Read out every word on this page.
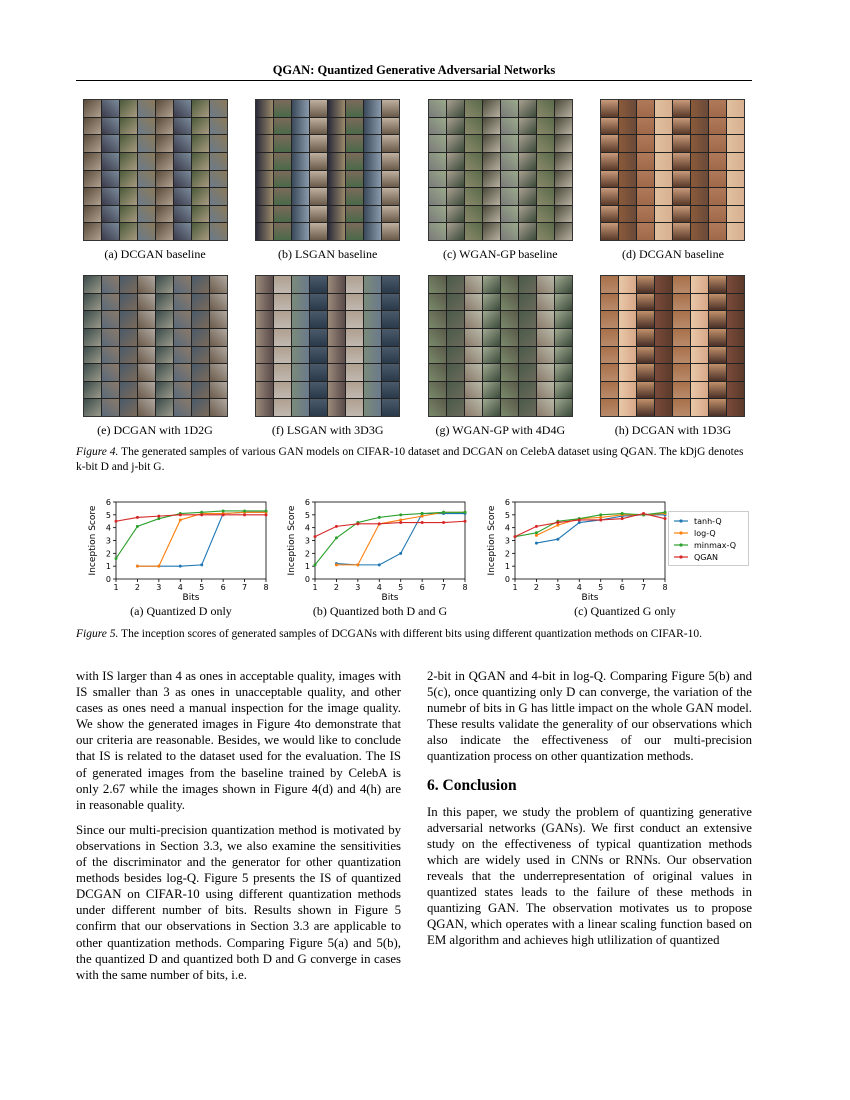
QGAN: Quantized Generative Adversarial Networks
(a) DCGAN baseline	(b) LSGAN baseline	(c) WGAN-GP baseline	(d) DCGAN baseline
(e) DCGAN with 1D2G	(f) LSGAN with 3D3G	(g) WGAN-GP with 4D4G	(h) DCGAN with 1D3G
Figure 4. The generated samples of various GAN models on CIFAR-10 dataset and DCGAN on CelebA dataset using QGAN. The kDjG denotes k-bit D and j-bit G.
0
1
2
3
4
5
6
1 2 3 4 5 6 7 8
Bits
Inception Score
0
1
2
3
4
5
6
1 2 3 4 5 6 7 8
Bits
Inception Score
0
1
2
3
4
5
6
1 2 3 4 5 6 7 8
Bits
Inception Score	tanh-Q
log-Q
minmax-Q
QGAN
(a) Quantized D only	(b) Quantized both D and G	(c) Quantized G only
Figure 5. The inception scores of generated samples of DCGANs with different bits using different quantization methods on CIFAR-10.

with IS larger than 4 as ones in acceptable quality, images with IS smaller than 3 as ones in unacceptable quality, and other cases as ones need a manual inspection for the image quality. We show the generated images in Figure 4to demonstrate that our criteria are reasonable. Besides, we would like to conclude that IS is related to the dataset used for the evaluation. The IS of generated images from the baseline trained by CelebA is only 2.67 while the images shown in Figure 4(d) and 4(h) are in reasonable quality.

Since our multi-precision quantization method is motivated by observations in Section 3.3, we also examine the sensitivities of the discriminator and the generator for other quantization methods besides log-Q. Figure 5 presents the IS of quantized DCGAN on CIFAR-10 using different quantization methods under different number of bits. Results shown in Figure 5 confirm that our observations in Section 3.3 are applicable to other quantization methods. Comparing Figure 5(a) and 5(b), the quantized D and quantized both D and G converge in cases with the same number of bits, i.e.

2-bit in QGAN and 4-bit in log-Q. Comparing Figure 5(b) and 5(c), once quantizing only D can converge, the variation of the numebr of bits in G has little impact on the whole GAN model. These results validate the generality of our observations which also indicate the effectiveness of our multi-precision quantization process on other quantization methods.

6. Conclusion

In this paper, we study the problem of quantizing generative adversarial networks (GANs). We first conduct an extensive study on the effectiveness of typical quantization methods which are widely used in CNNs or RNNs. Our observation reveals that the underrepresentation of original values in quantized states leads to the failure of these methods in quantizing GAN. The observation motivates us to propose QGAN, which operates with a linear scaling function based on EM algorithm and achieves high utlilization of quantized
